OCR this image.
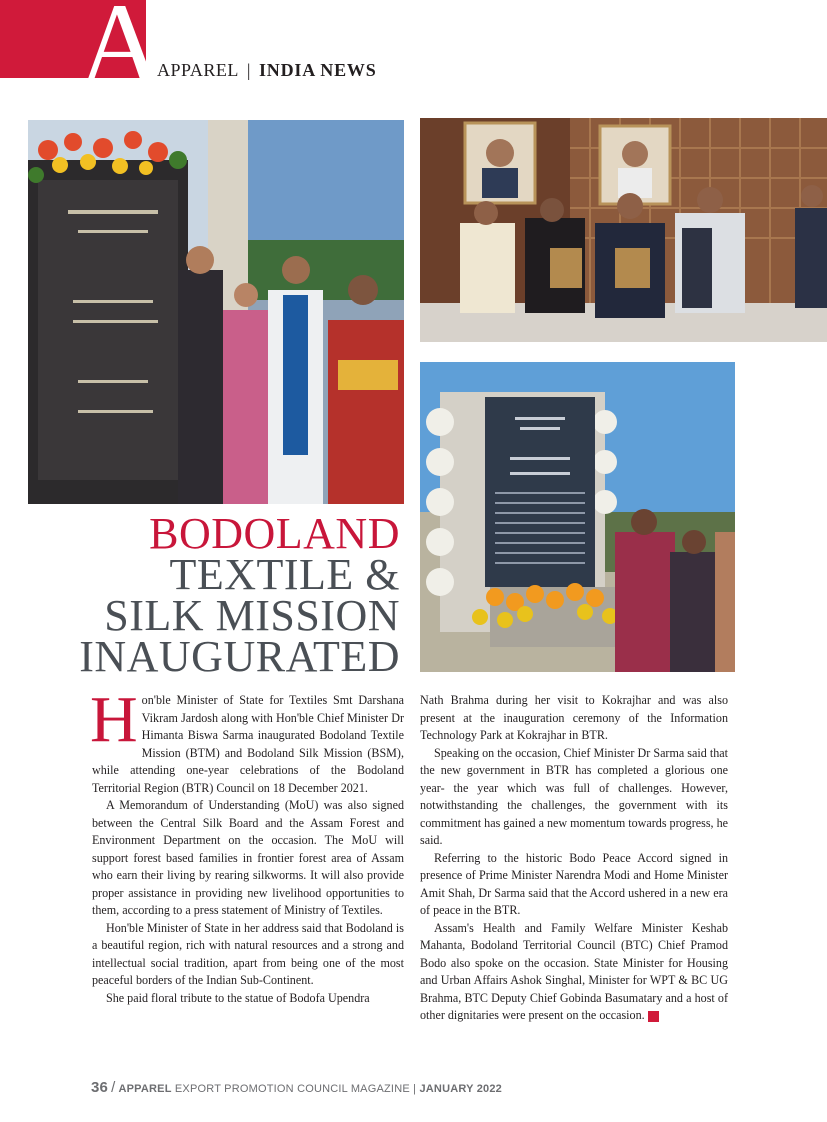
A
APPAREL | INDIA NEWS
BODOLAND
TEXTILE &
SILK MISSION
INAUGURATED

Hon'ble Minister of State for Textiles Smt Darshana Vikram Jardosh along with Hon'ble Chief Minister Dr Himanta Biswa Sarma inaugurated Bodoland Textile Mission (BTM) and Bodoland Silk Mission (BSM), while attending one-year celebrations of the Bodoland Territorial Region (BTR) Council on 18 December 2021.

A Memorandum of Understanding (MoU) was also signed between the Central Silk Board and the Assam Forest and Environment Department on the occasion. The MoU will support forest based families in frontier forest area of Assam who earn their living by rearing silkworms. It will also provide proper assistance in providing new livelihood opportunities to them, according to a press statement of Ministry of Textiles.

Hon'ble Minister of State in her address said that Bodoland is a beautiful region, rich with natural resources and a strong and intellectual social tradition, apart from being one of the most peaceful borders of the Indian Sub-Continent.

She paid floral tribute to the statue of Bodofa Upendra

Nath Brahma during her visit to Kokrajhar and was also present at the inauguration ceremony of the Information Technology Park at Kokrajhar in BTR.

Speaking on the occasion, Chief Minister Dr Sarma said that the new government in BTR has completed a glorious one year- the year which was full of challenges. However, notwithstanding the challenges, the government with its commitment has gained a new momentum towards progress, he said.

Referring to the historic Bodo Peace Accord signed in presence of Prime Minister Narendra Modi and Home Minister Amit Shah, Dr Sarma said that the Accord ushered in a new era of peace in the BTR.

Assam's Health and Family Welfare Minister Keshab Mahanta, Bodoland Territorial Council (BTC) Chief Pramod Bodo also spoke on the occasion. State Minister for Housing and Urban Affairs Ashok Singhal, Minister for WPT & BC UG Brahma, BTC Deputy Chief Gobinda Basumatary and a host of other dignitaries were present on the occasion. A

36 / APPAREL EXPORT PROMOTION COUNCIL MAGAZINE | JANUARY 2022
